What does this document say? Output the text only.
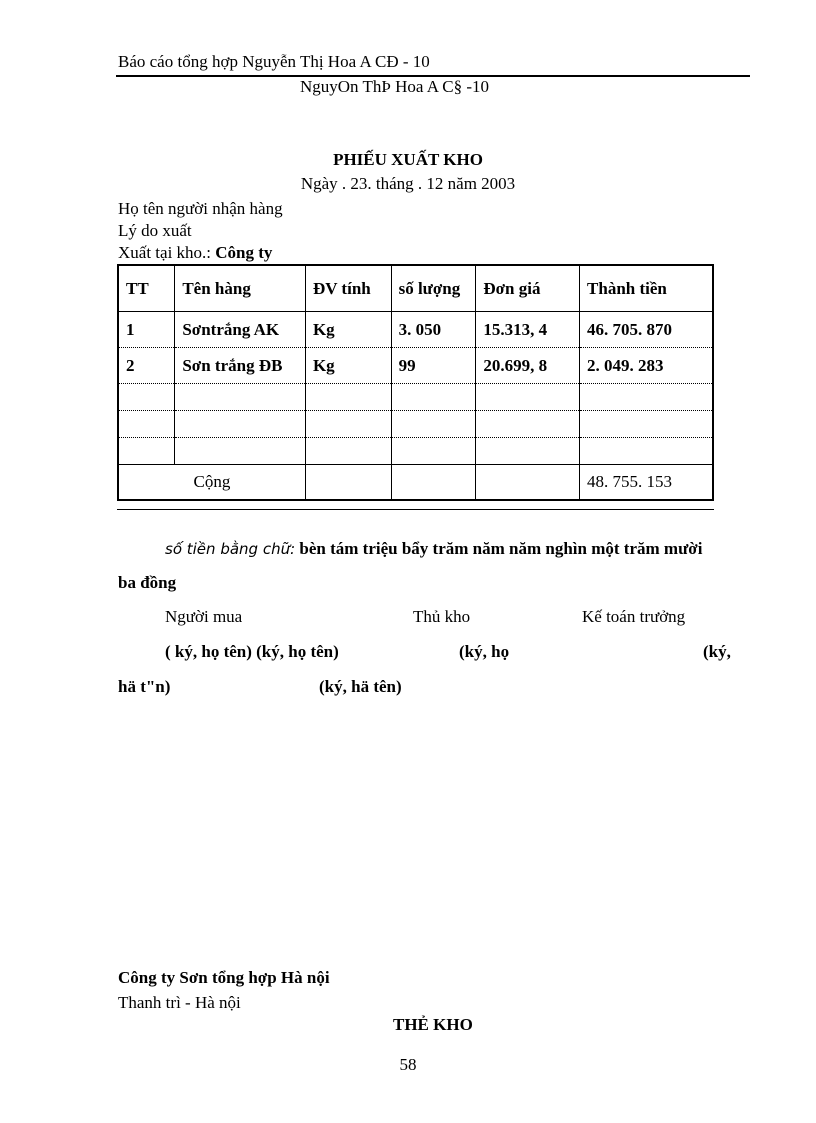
Báo cáo tổng hợp Nguyễn Thị Hoa A CĐ - 10
NguyOn ThÞ Hoa A C§ -10
PHIẾU XUẤT KHO
Ngày . 23. tháng . 12 năm 2003
Họ tên người nhận hàng
Lý do xuất
Xuất tại kho.: Công ty
TT	Tên hàng	ĐV tính	số lượng	Đơn giá	Thành tiền
1	Sơntrắng AK	Kg	3. 050	15.313, 4	46. 705. 870
2	Sơn trắng ĐB	Kg	99	20.699, 8	2. 049. 283

Cộng					48. 755. 153
số tiền bằng chữ: bèn tám triệu bẩy trăm năm năm nghìn một trăm mười
ba đồng
Người mua	Thủ kho	Kế toán trưởng
( ký, họ tên) (ký, họ tên)	(ký, họ	(ký,
hä t"n)	(ký, hä tên)
Công ty Sơn tổng hợp Hà nội
Thanh trì - Hà nội
THẺ KHO
58
